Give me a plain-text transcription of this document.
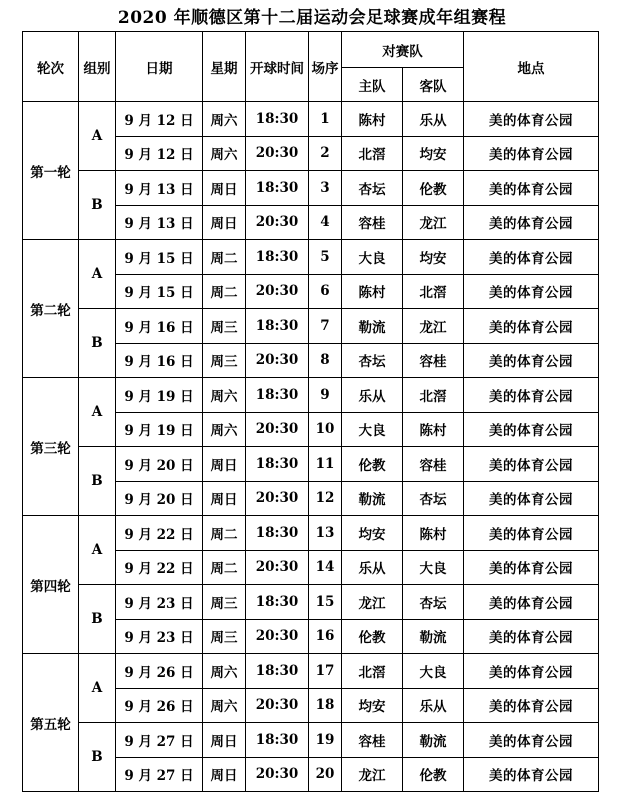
2020 年顺德区第十二届运动会足球赛成年组赛程
轮次	组别	日期	星期	开球时间	场序	对赛队		地点
						主队	客队	
第一轮	A	9 月 12 日	周六	18:30	1	陈村	乐从	美的体育公园
		9 月 12 日	周六	20:30	2	北滘	均安	美的体育公园
	B	9 月 13 日	周日	18:30	3	杏坛	伦教	美的体育公园
		9 月 13 日	周日	20:30	4	容桂	龙江	美的体育公园
第二轮	A	9 月 15 日	周二	18:30	5	大良	均安	美的体育公园
		9 月 15 日	周二	20:30	6	陈村	北滘	美的体育公园
	B	9 月 16 日	周三	18:30	7	勒流	龙江	美的体育公园
		9 月 16 日	周三	20:30	8	杏坛	容桂	美的体育公园
第三轮	A	9 月 19 日	周六	18:30	9	乐从	北滘	美的体育公园
		9 月 19 日	周六	20:30	10	大良	陈村	美的体育公园
	B	9 月 20 日	周日	18:30	11	伦教	容桂	美的体育公园
		9 月 20 日	周日	20:30	12	勒流	杏坛	美的体育公园
第四轮	A	9 月 22 日	周二	18:30	13	均安	陈村	美的体育公园
		9 月 22 日	周二	20:30	14	乐从	大良	美的体育公园
	B	9 月 23 日	周三	18:30	15	龙江	杏坛	美的体育公园
		9 月 23 日	周三	20:30	16	伦教	勒流	美的体育公园
第五轮	A	9 月 26 日	周六	18:30	17	北滘	大良	美的体育公园
		9 月 26 日	周六	20:30	18	均安	乐从	美的体育公园
	B	9 月 27 日	周日	18:30	19	容桂	勒流	美的体育公园
		9 月 27 日	周日	20:30	20	龙江	伦教	美的体育公园
